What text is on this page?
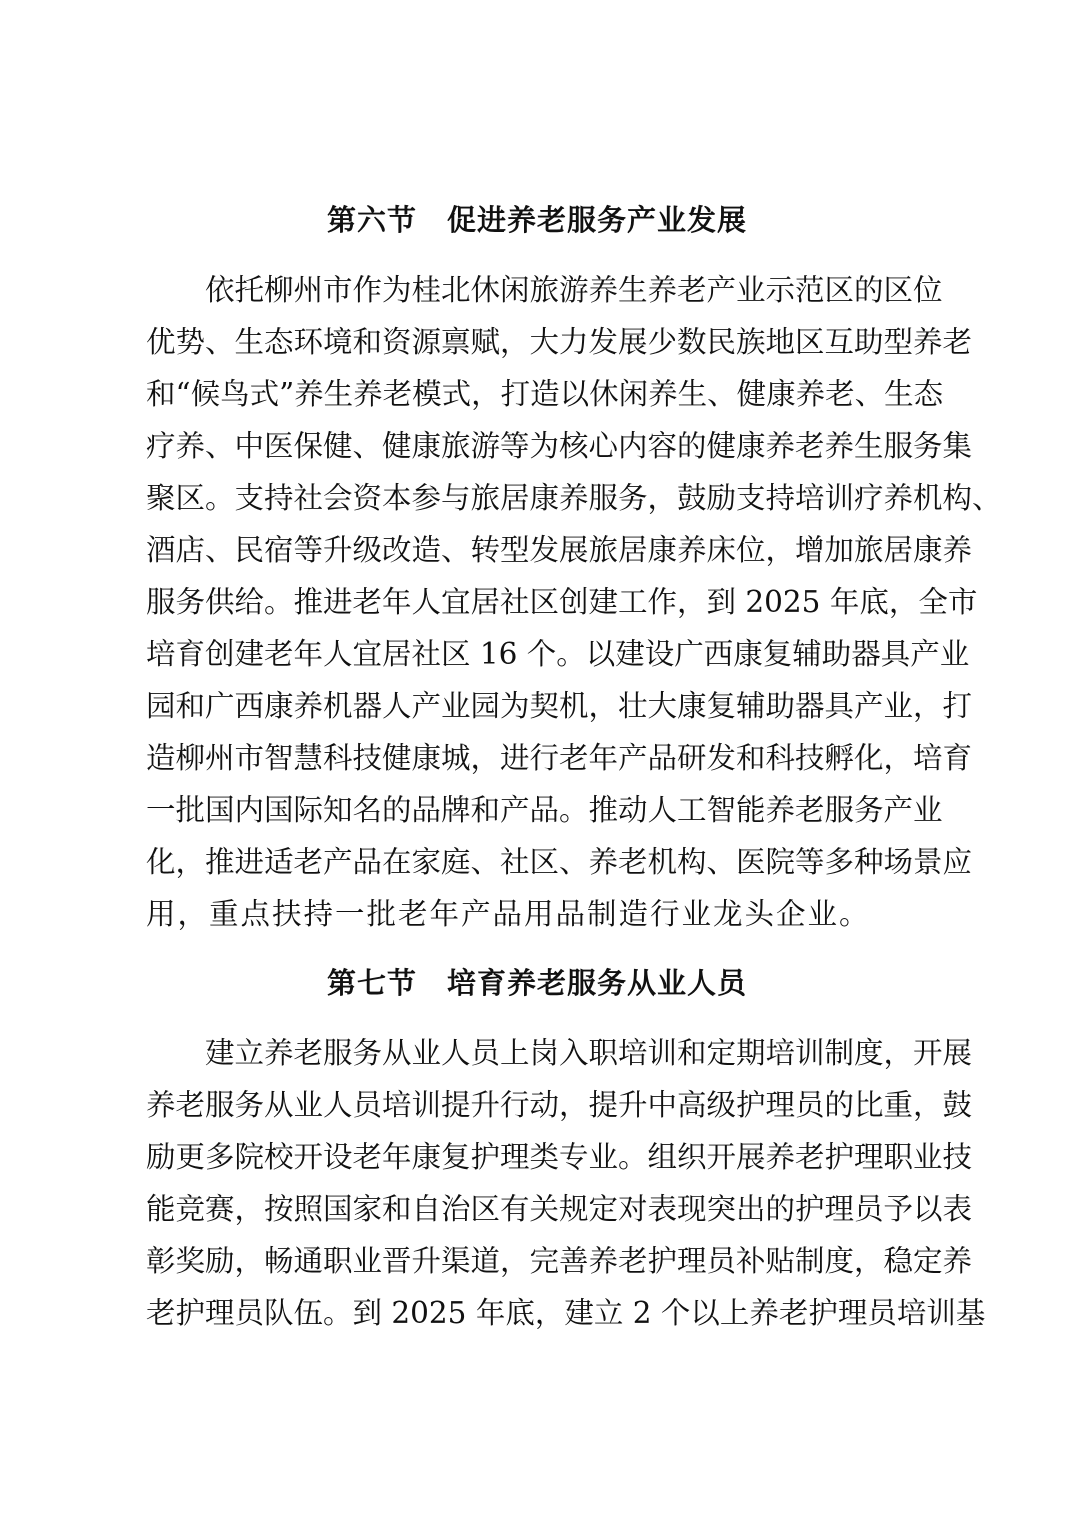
第六节　促进养老服务产业发展
依托柳州市作为桂北休闲旅游养生养老产业示范区的区位
优势、生态环境和资源禀赋，大力发展少数民族地区互助型养老
和“候鸟式”养生养老模式，打造以休闲养生、健康养老、生态
疗养、中医保健、健康旅游等为核心内容的健康养老养生服务集
聚区。支持社会资本参与旅居康养服务，鼓励支持培训疗养机构、
酒店、民宿等升级改造、转型发展旅居康养床位，增加旅居康养
服务供给。推进老年人宜居社区创建工作，到 2025 年底，全市
培育创建老年人宜居社区 16 个。以建设广西康复辅助器具产业
园和广西康养机器人产业园为契机，壮大康复辅助器具产业，打
造柳州市智慧科技健康城，进行老年产品研发和科技孵化，培育
一批国内国际知名的品牌和产品。推动人工智能养老服务产业
化，推进适老产品在家庭、社区、养老机构、医院等多种场景应
用，重点扶持一批老年产品用品制造行业龙头企业。
第七节　培育养老服务从业人员
建立养老服务从业人员上岗入职培训和定期培训制度，开展
养老服务从业人员培训提升行动，提升中高级护理员的比重，鼓
励更多院校开设老年康复护理类专业。组织开展养老护理职业技
能竞赛，按照国家和自治区有关规定对表现突出的护理员予以表
彰奖励，畅通职业晋升渠道，完善养老护理员补贴制度，稳定养
老护理员队伍。到 2025 年底，建立 2 个以上养老护理员培训基
